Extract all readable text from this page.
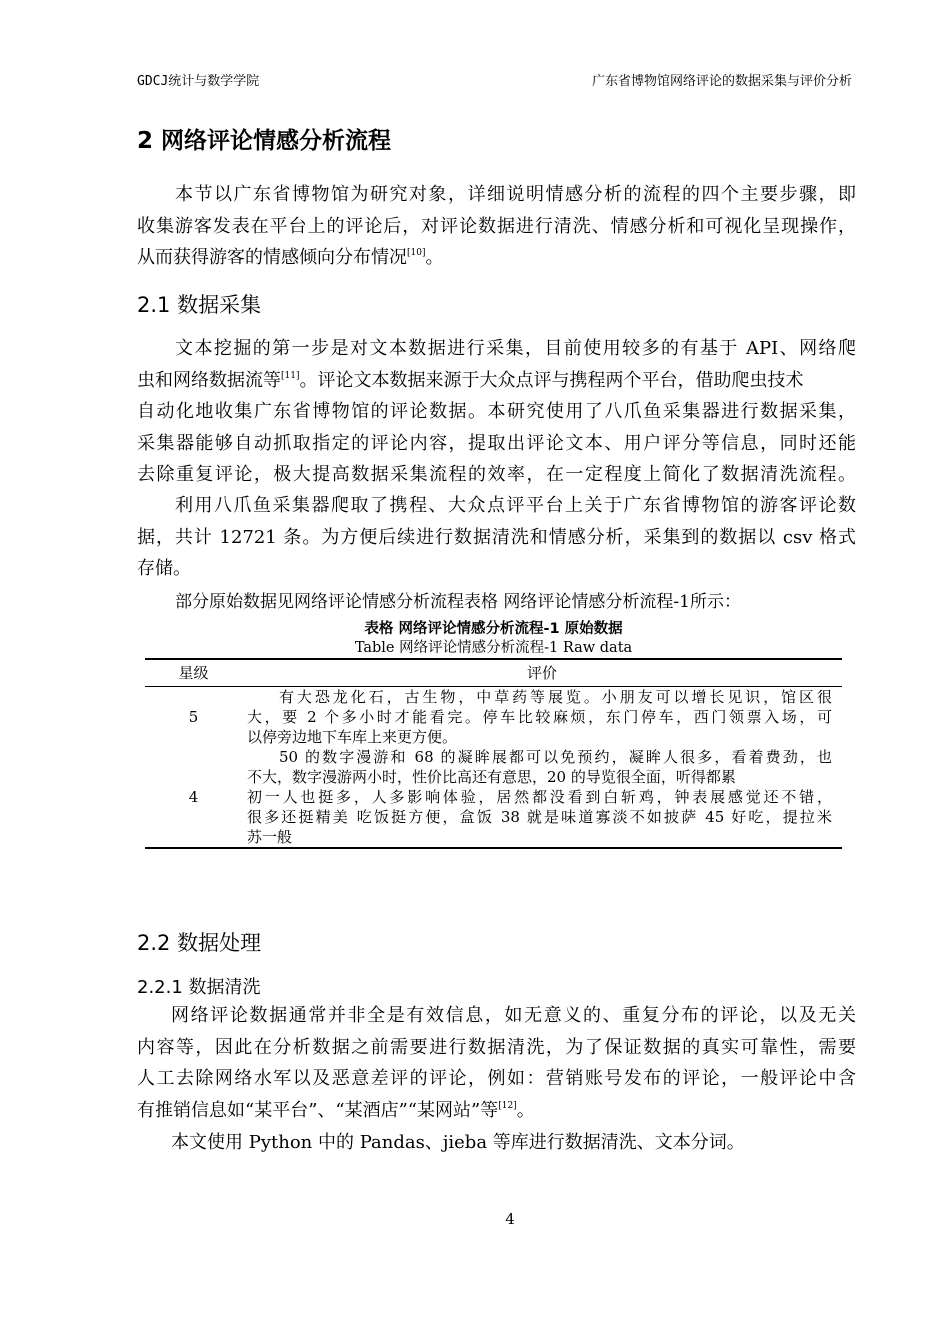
GDCJ统计与数学学院	广东省博物馆网络评论的数据采集与评价分析
2 网络评论情感分析流程
本节以广东省博物馆为研究对象，详细说明情感分析的流程的四个主要步骤，即
收集游客发表在平台上的评论后，对评论数据进行清洗、情感分析和可视化呈现操作，
从而获得游客的情感倾向分布情况[10]。
2.1 数据采集
文本挖掘的第一步是对文本数据进行采集，目前使用较多的有基于 API、网络爬
虫和网络数据流等[11]。评论文本数据来源于大众点评与携程两个平台，借助爬虫技术
自动化地收集广东省博物馆的评论数据。本研究使用了八爪鱼采集器进行数据采集，
采集器能够自动抓取指定的评论内容，提取出评论文本、用户评分等信息，同时还能
去除重复评论，极大提高数据采集流程的效率，在一定程度上简化了数据清洗流程。
利用八爪鱼采集器爬取了携程、大众点评平台上关于广东省博物馆的游客评论数
据，共计 12721 条。为方便后续进行数据清洗和情感分析，采集到的数据以 csv 格式
存储。
部分原始数据见网络评论情感分析流程表格 网络评论情感分析流程-1所示：
表格 网络评论情感分析流程-1 原始数据
Table 网络评论情感分析流程-1 Raw data
星级	评价
5	有大恐龙化石，古生物，中草药等展览。小朋友可以增长见识，馆区很
大，要 2 个多小时才能看完。停车比较麻烦，东门停车，西门领票入场，可
以停旁边地下车库上来更方便。

4	50 的数字漫游和 68 的凝眸展都可以免预约，凝眸人很多，看着费劲，也
不大，数字漫游两小时，性价比高还有意思，20 的导览很全面，听得都累
初一人也挺多，人多影响体验，居然都没看到白斩鸡，钟表展感觉还不错，
很多还挺精美 吃饭挺方便，盒饭 38 就是味道寡淡不如披萨 45 好吃，提拉米
苏一般
2.2 数据处理
2.2.1 数据清洗
网络评论数据通常并非全是有效信息，如无意义的、重复分布的评论，以及无关
内容等，因此在分析数据之前需要进行数据清洗，为了保证数据的真实可靠性，需要
人工去除网络水军以及恶意差评的评论，例如：营销账号发布的评论，一般评论中含
有推销信息如“某平台”、“某酒店”“某网站”等[12]。
本文使用 Python 中的 Pandas、jieba 等库进行数据清洗、文本分词。
4
